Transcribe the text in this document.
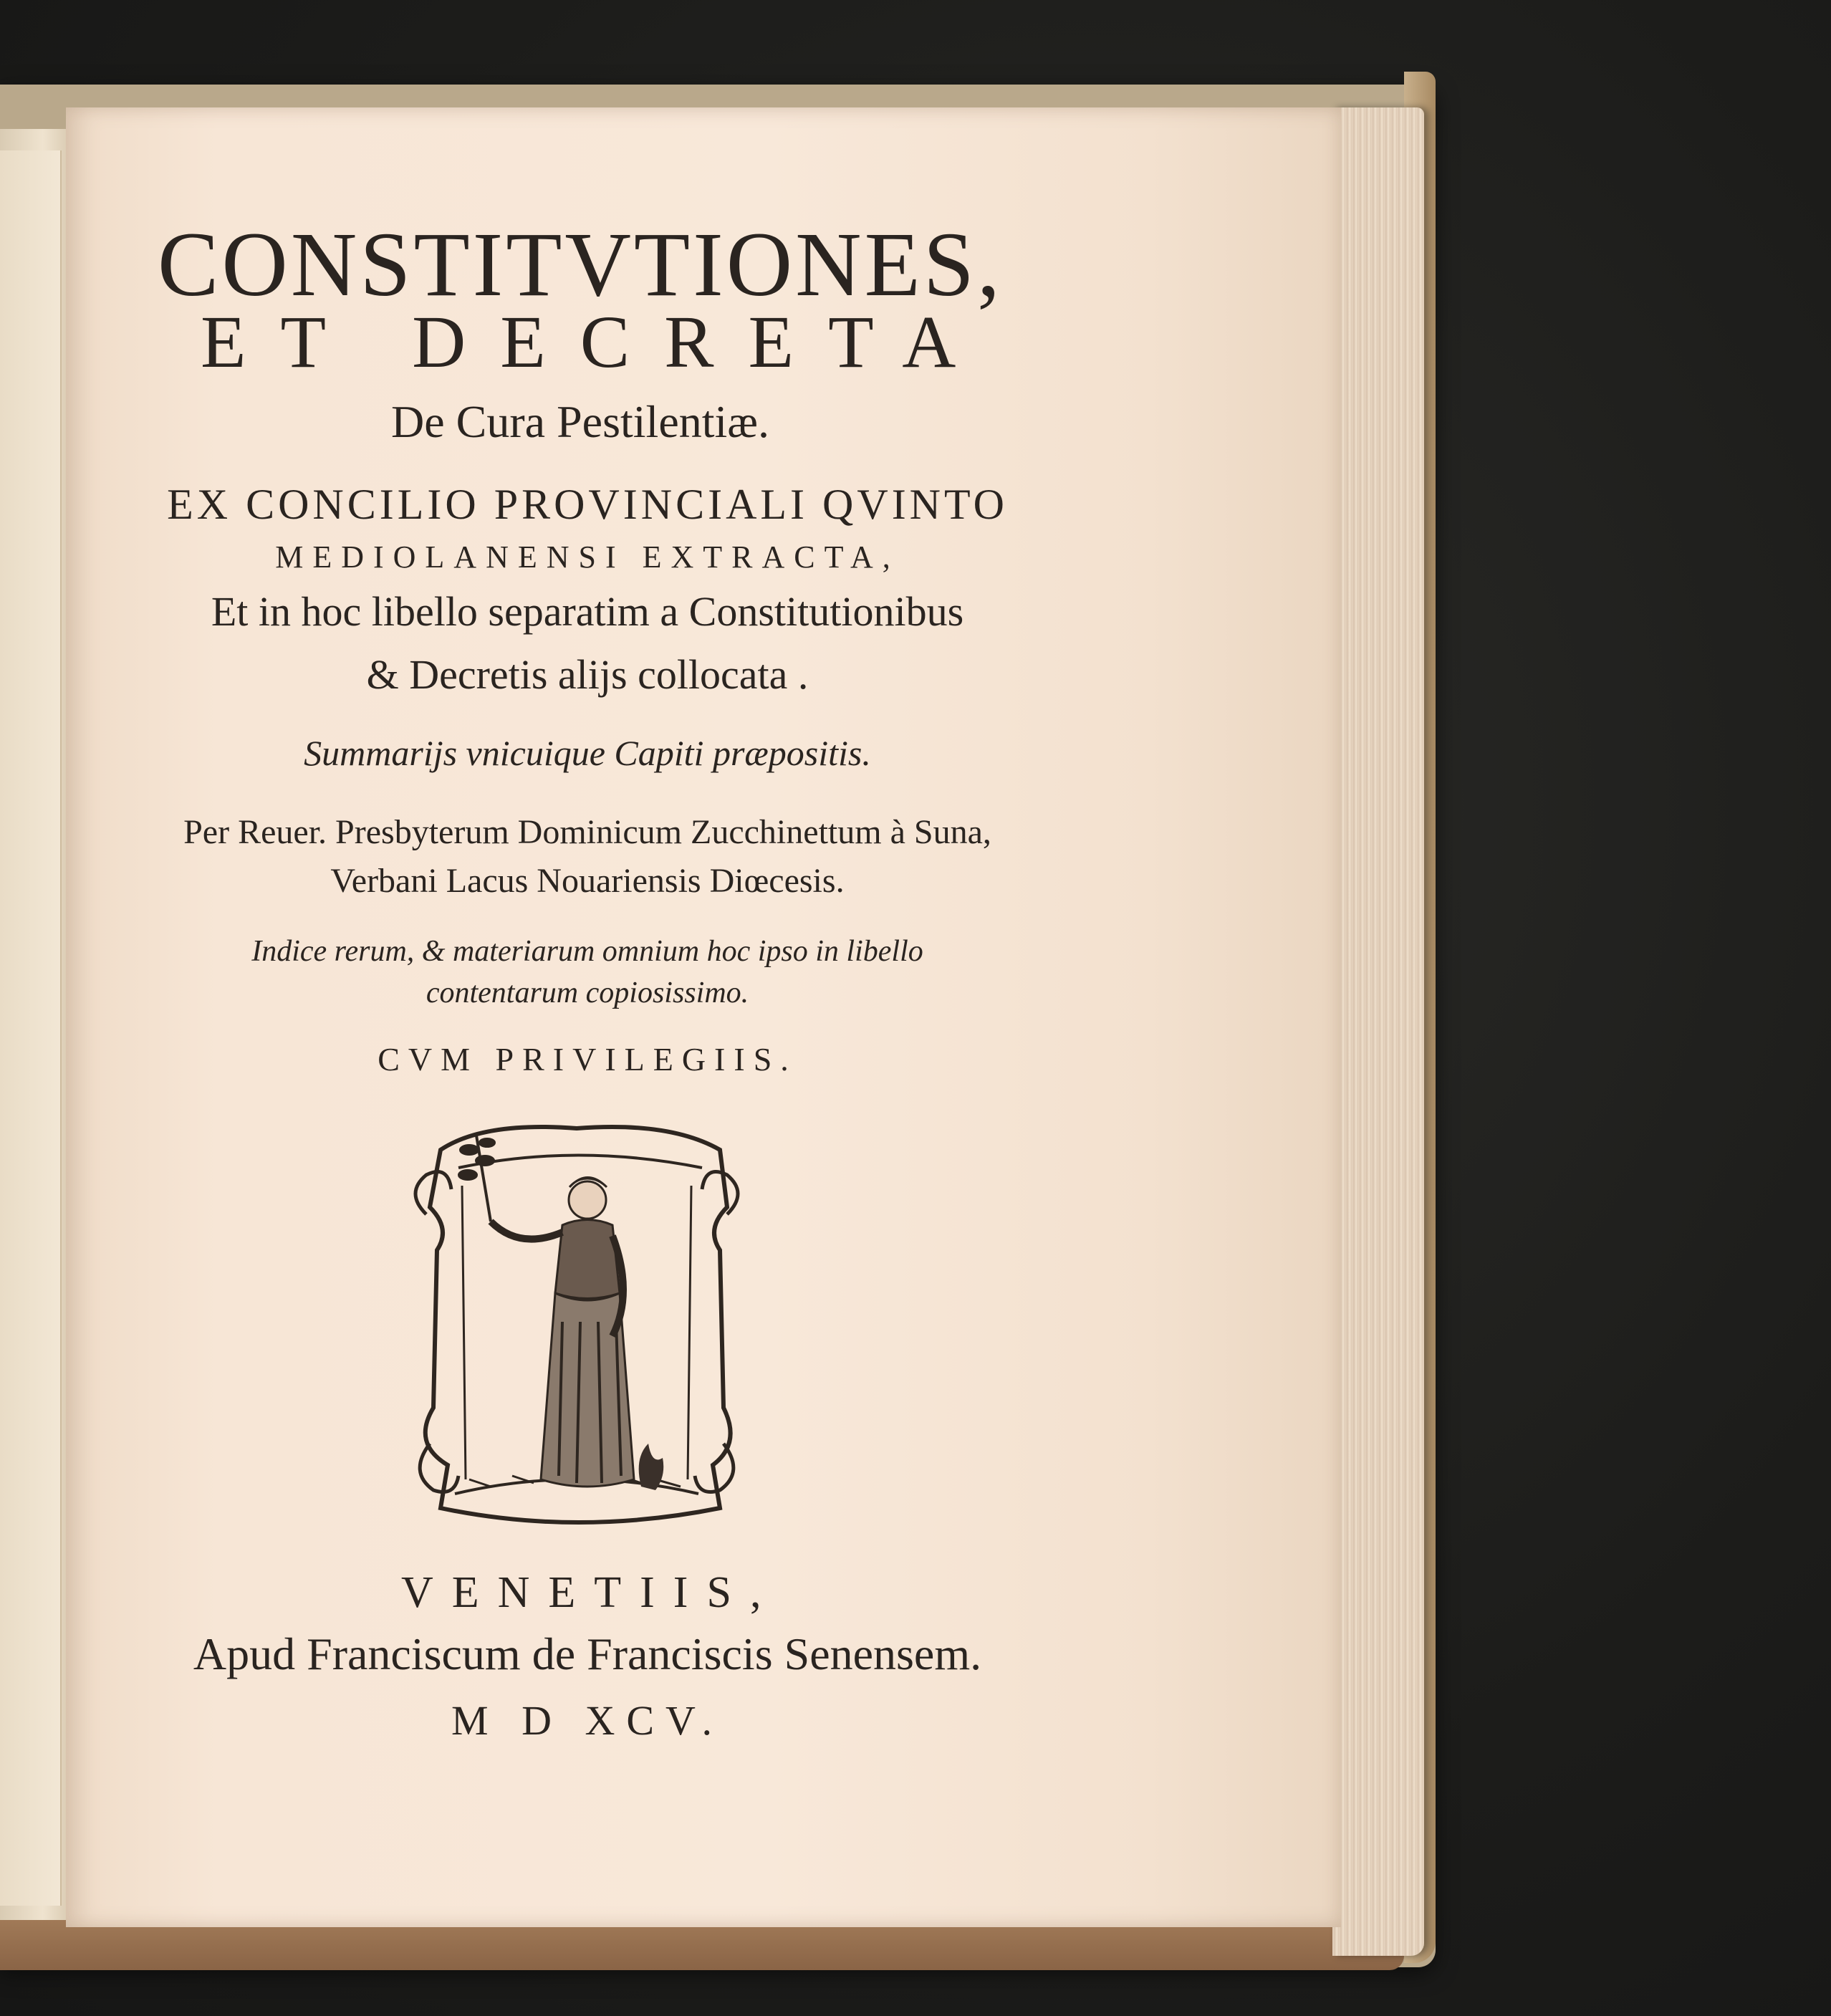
CONSTITVTIONES,
ET DECRETA
De Cura Pestilentiæ.
EX CONCILIO PROVINCIALI QVINTO
MEDIOLANENSI EXTRACTA,
Et in hoc libello separatim a Constitutionibus
& Decretis alijs collocata .
Summarijs vnicuique Capiti præpositis.
Per Reuer. Presbyterum Dominicum Zucchinettum à Suna,
Verbani Lacus Nouariensis Diœcesis.
Indice rerum, & materiarum omnium hoc ipso in libello
contentarum copiosissimo.
CVM PRIVILEGIIS.
VENETIIS,
Apud Franciscum de Franciscis Senensem.
M D XCV.
